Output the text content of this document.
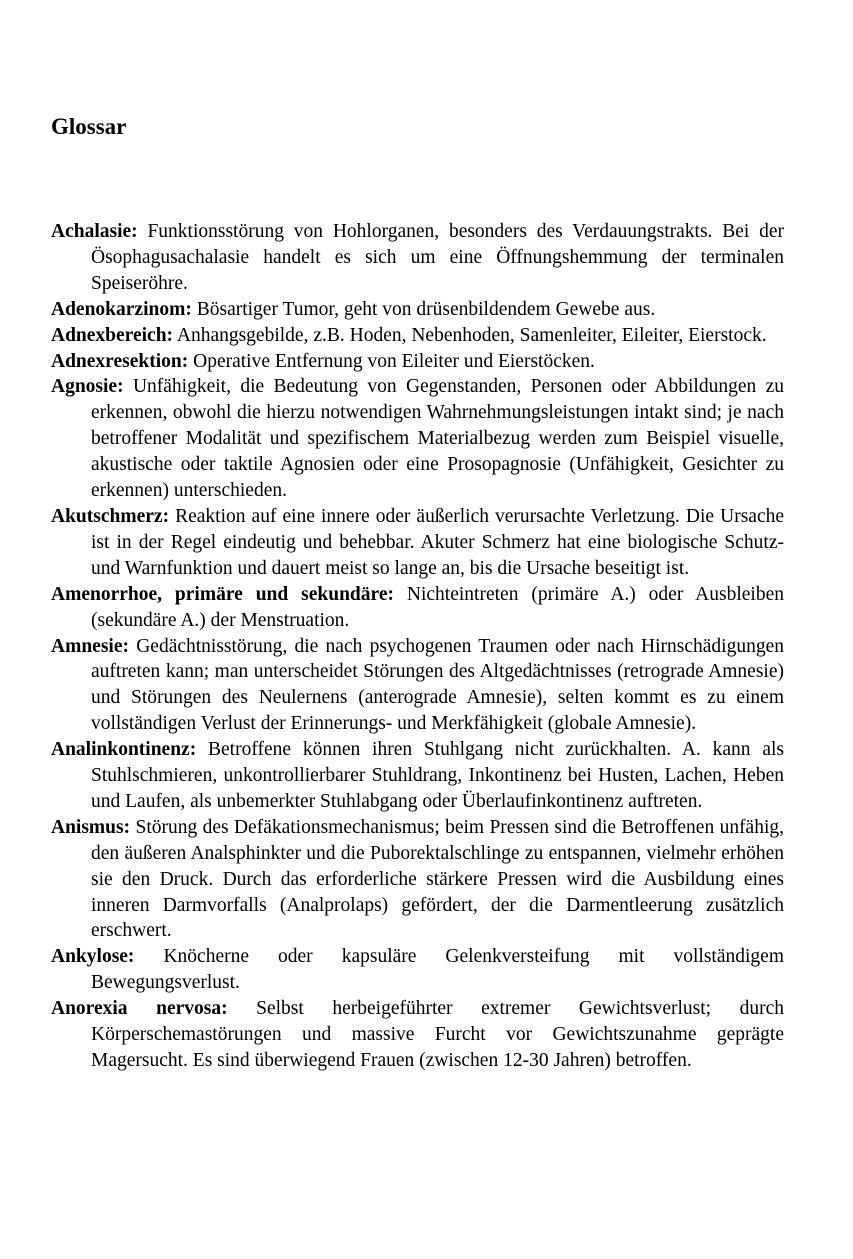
Glossar
Achalasie: Funktionsstörung von Hohlorganen, besonders des Verdauungstrakts. Bei der Ösophagusachalasie handelt es sich um eine Öffnungshemmung der terminalen Speiseröhre.
Adenokarzinom: Bösartiger Tumor, geht von drüsenbildendem Gewebe aus.
Adnexbereich: Anhangsgebilde, z.B. Hoden, Nebenhoden, Samenleiter, Eileiter, Eierstock.
Adnexresektion: Operative Entfernung von Eileiter und Eierstöcken.
Agnosie: Unfähigkeit, die Bedeutung von Gegenstanden, Personen oder Abbildungen zu erkennen, obwohl die hierzu notwendigen Wahrnehmungsleistungen intakt sind; je nach betroffener Modalität und spezifischem Materialbezug werden zum Beispiel visuelle, akustische oder taktile Agnosien oder eine Prosopagnosie (Unfähigkeit, Gesichter zu erkennen) unterschieden.
Akutschmerz: Reaktion auf eine innere oder äußerlich verursachte Verletzung. Die Ursache ist in der Regel eindeutig und behebbar. Akuter Schmerz hat eine biologische Schutz- und Warnfunktion und dauert meist so lange an, bis die Ursache beseitigt ist.
Amenorrhoe, primäre und sekundäre: Nichteintreten (primäre A.) oder Ausbleiben (sekundäre A.) der Menstruation.
Amnesie: Gedächtnisstörung, die nach psychogenen Traumen oder nach Hirnschädigungen auftreten kann; man unterscheidet Störungen des Altgedächtnisses (retrograde Amnesie) und Störungen des Neulernens (anterograde Amnesie), selten kommt es zu einem vollständigen Verlust der Erinnerungs- und Merkfähigkeit (globale Amnesie).
Analinkontinenz: Betroffene können ihren Stuhlgang nicht zurückhalten. A. kann als Stuhlschmieren, unkontrollierbarer Stuhldrang, Inkontinenz bei Husten, Lachen, Heben und Laufen, als unbemerkter Stuhlabgang oder Überlaufinkontinenz auftreten.
Anismus: Störung des Defäkationsmechanismus; beim Pressen sind die Betroffenen unfähig, den äußeren Analsphinkter und die Puborektalschlinge zu entspannen, vielmehr erhöhen sie den Druck. Durch das erforderliche stärkere Pressen wird die Ausbildung eines inneren Darmvorfalls (Analprolaps) gefördert, der die Darmentleerung zusätzlich erschwert.
Ankylose: Knöcherne oder kapsuläre Gelenkversteifung mit vollständigem Bewegungsverlust.
Anorexia nervosa: Selbst herbeigeführter extremer Gewichtsverlust; durch Körperschemastörungen und massive Furcht vor Gewichtszunahme geprägte Magersucht. Es sind überwiegend Frauen (zwischen 12-30 Jahren) betroffen.
